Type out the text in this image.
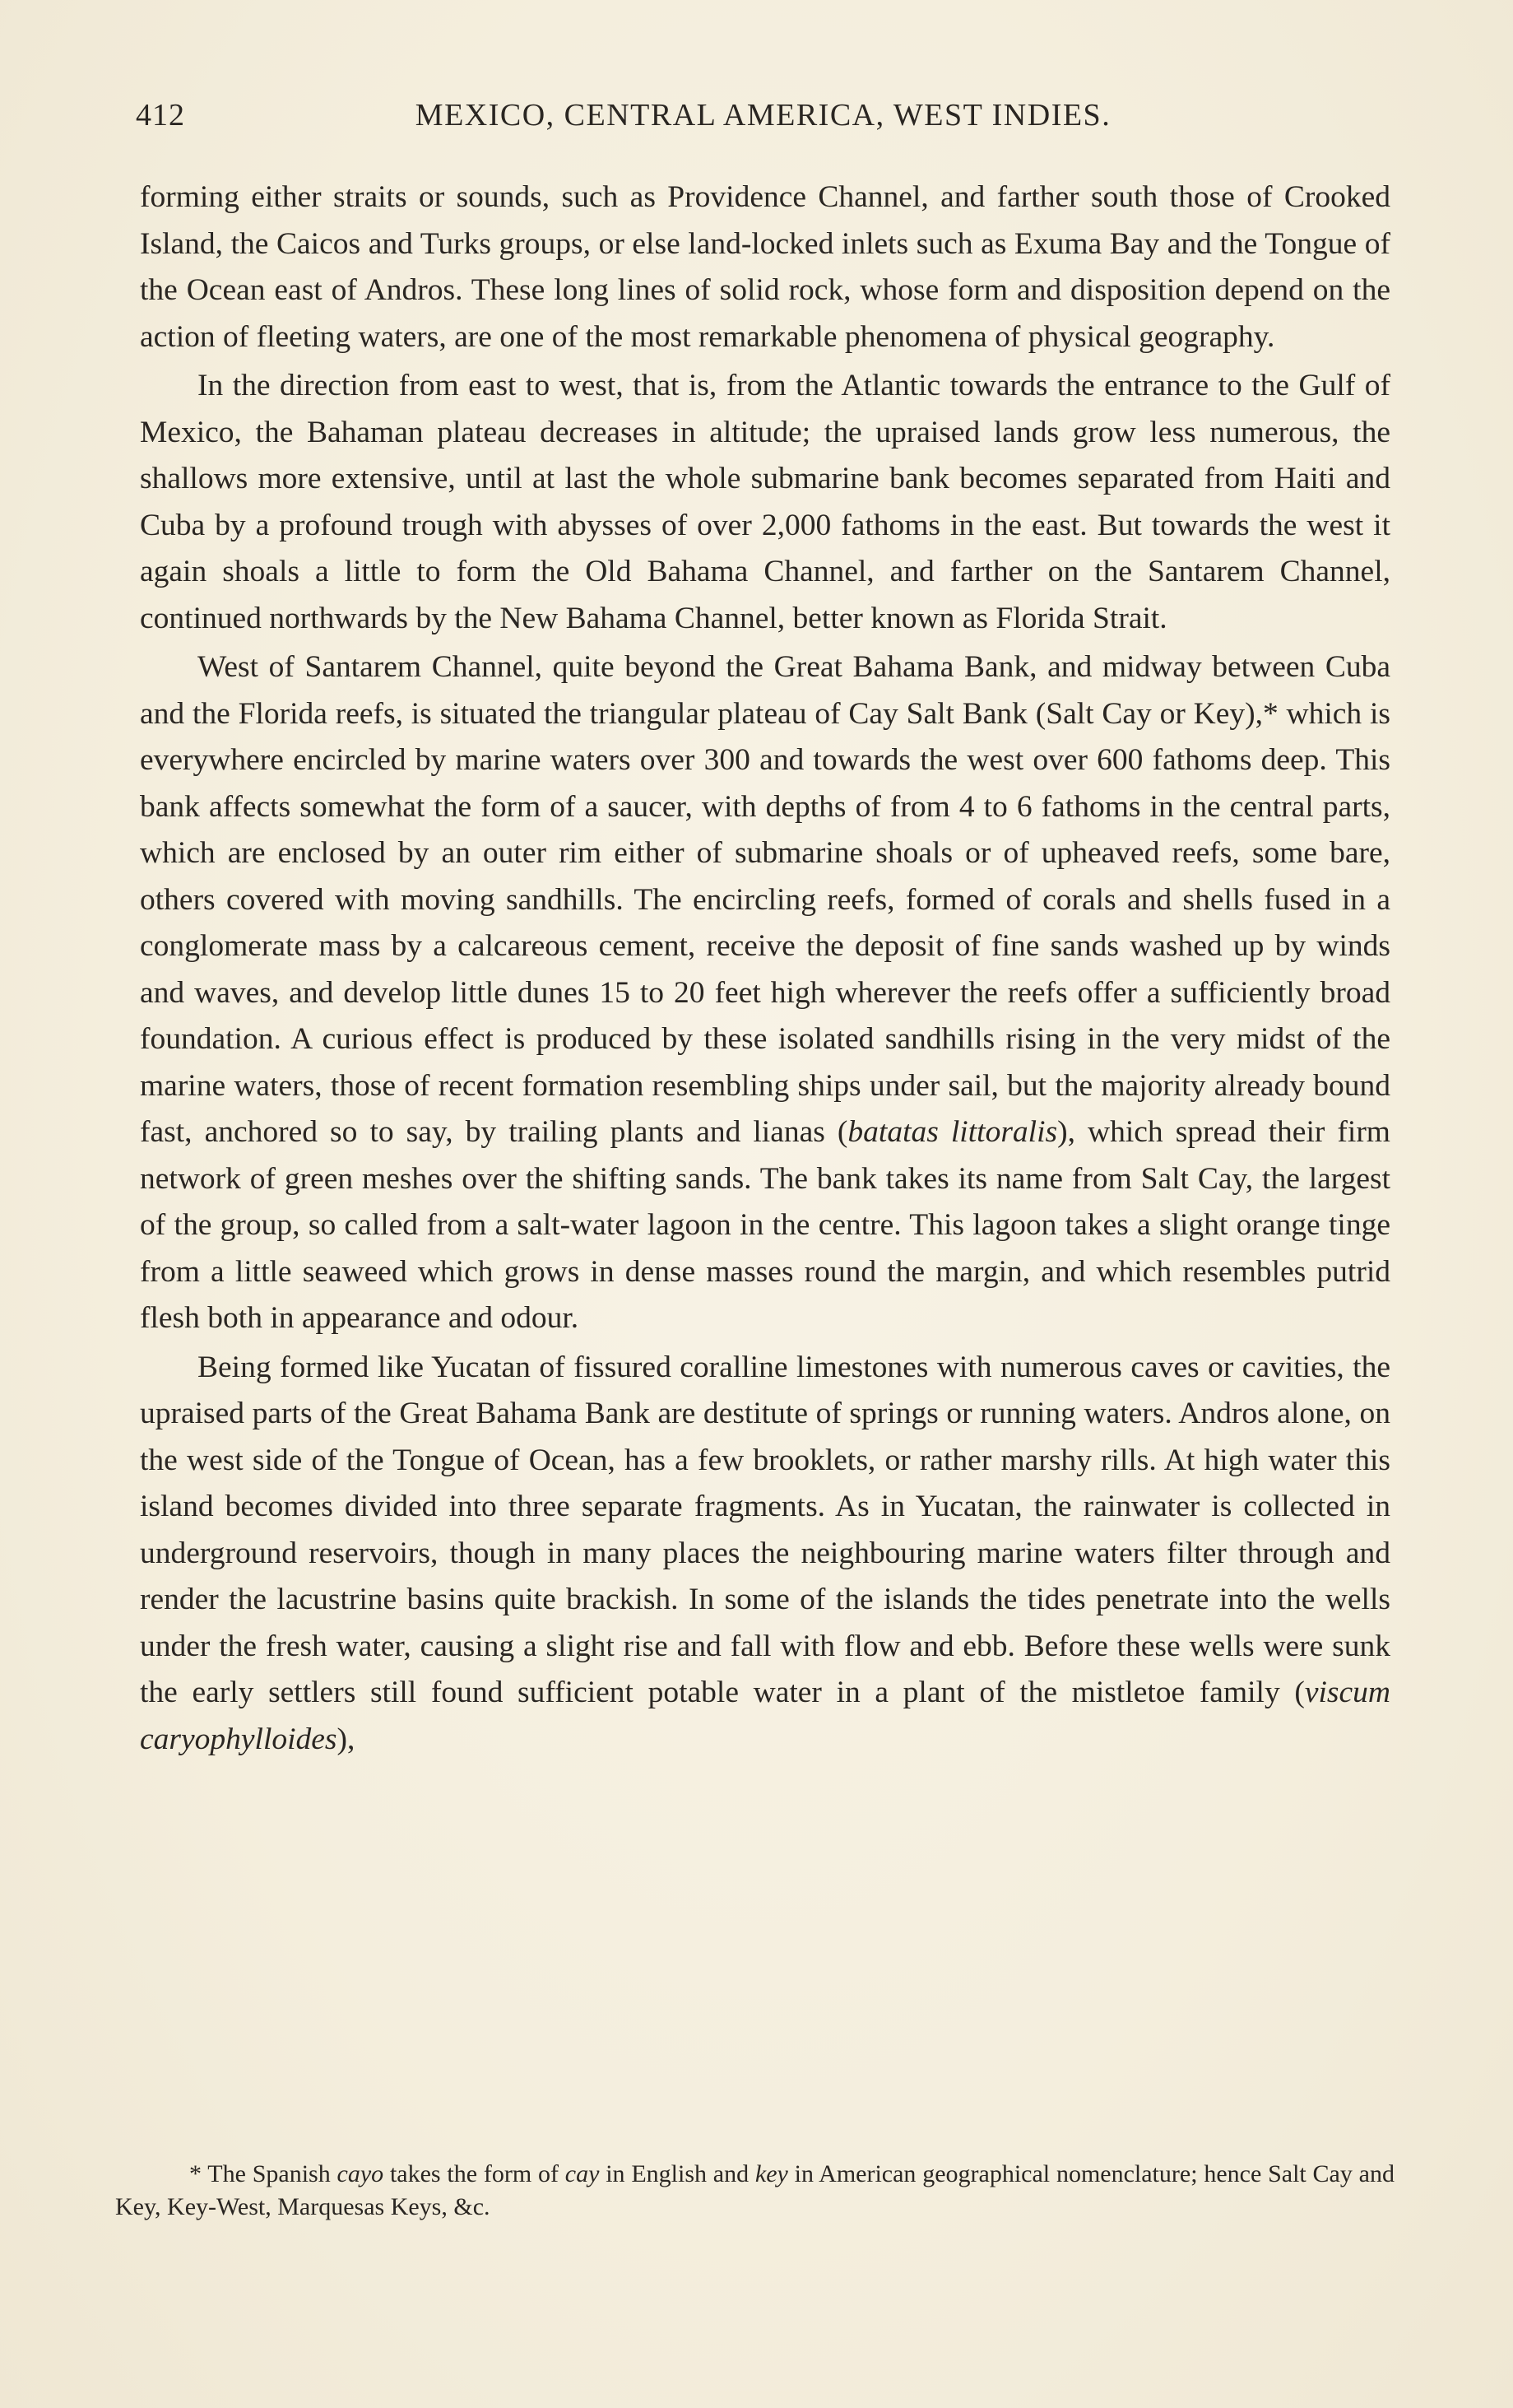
412	MEXICO, CENTRAL AMERICA, WEST INDIES.

forming either straits or sounds, such as Providence Channel, and farther south those of Crooked Island, the Caicos and Turks groups, or else land-locked inlets such as Exuma Bay and the Tongue of the Ocean east of Andros. These long lines of solid rock, whose form and disposition depend on the action of fleeting waters, are one of the most remarkable phenomena of physical geography.

In the direction from east to west, that is, from the Atlantic towards the entrance to the Gulf of Mexico, the Bahaman plateau decreases in altitude; the upraised lands grow less numerous, the shallows more extensive, until at last the whole submarine bank becomes separated from Haiti and Cuba by a profound trough with abysses of over 2,000 fathoms in the east. But towards the west it again shoals a little to form the Old Bahama Channel, and farther on the Santarem Channel, continued northwards by the New Bahama Channel, better known as Florida Strait.

West of Santarem Channel, quite beyond the Great Bahama Bank, and midway between Cuba and the Florida reefs, is situated the triangular plateau of Cay Salt Bank (Salt Cay or Key),* which is everywhere encircled by marine waters over 300 and towards the west over 600 fathoms deep. This bank affects somewhat the form of a saucer, with depths of from 4 to 6 fathoms in the central parts, which are enclosed by an outer rim either of submarine shoals or of upheaved reefs, some bare, others covered with moving sandhills. The encircling reefs, formed of corals and shells fused in a conglomerate mass by a calcareous cement, receive the deposit of fine sands washed up by winds and waves, and develop little dunes 15 to 20 feet high wherever the reefs offer a sufficiently broad foundation. A curious effect is produced by these isolated sandhills rising in the very midst of the marine waters, those of recent formation resembling ships under sail, but the majority already bound fast, anchored so to say, by trailing plants and lianas (batatas littoralis), which spread their firm network of green meshes over the shifting sands. The bank takes its name from Salt Cay, the largest of the group, so called from a salt-water lagoon in the centre. This lagoon takes a slight orange tinge from a little seaweed which grows in dense masses round the margin, and which resembles putrid flesh both in appearance and odour.

Being formed like Yucatan of fissured coralline limestones with numerous caves or cavities, the upraised parts of the Great Bahama Bank are destitute of springs or running waters. Andros alone, on the west side of the Tongue of Ocean, has a few brooklets, or rather marshy rills. At high water this island becomes divided into three separate fragments. As in Yucatan, the rainwater is collected in underground reservoirs, though in many places the neighbouring marine waters filter through and render the lacustrine basins quite brackish. In some of the islands the tides penetrate into the wells under the fresh water, causing a slight rise and fall with flow and ebb. Before these wells were sunk the early settlers still found sufficient potable water in a plant of the mistletoe family (viscum caryophylloides),

* The Spanish cayo takes the form of cay in English and key in American geographical nomenclature; hence Salt Cay and Key, Key-West, Marquesas Keys, &c.
